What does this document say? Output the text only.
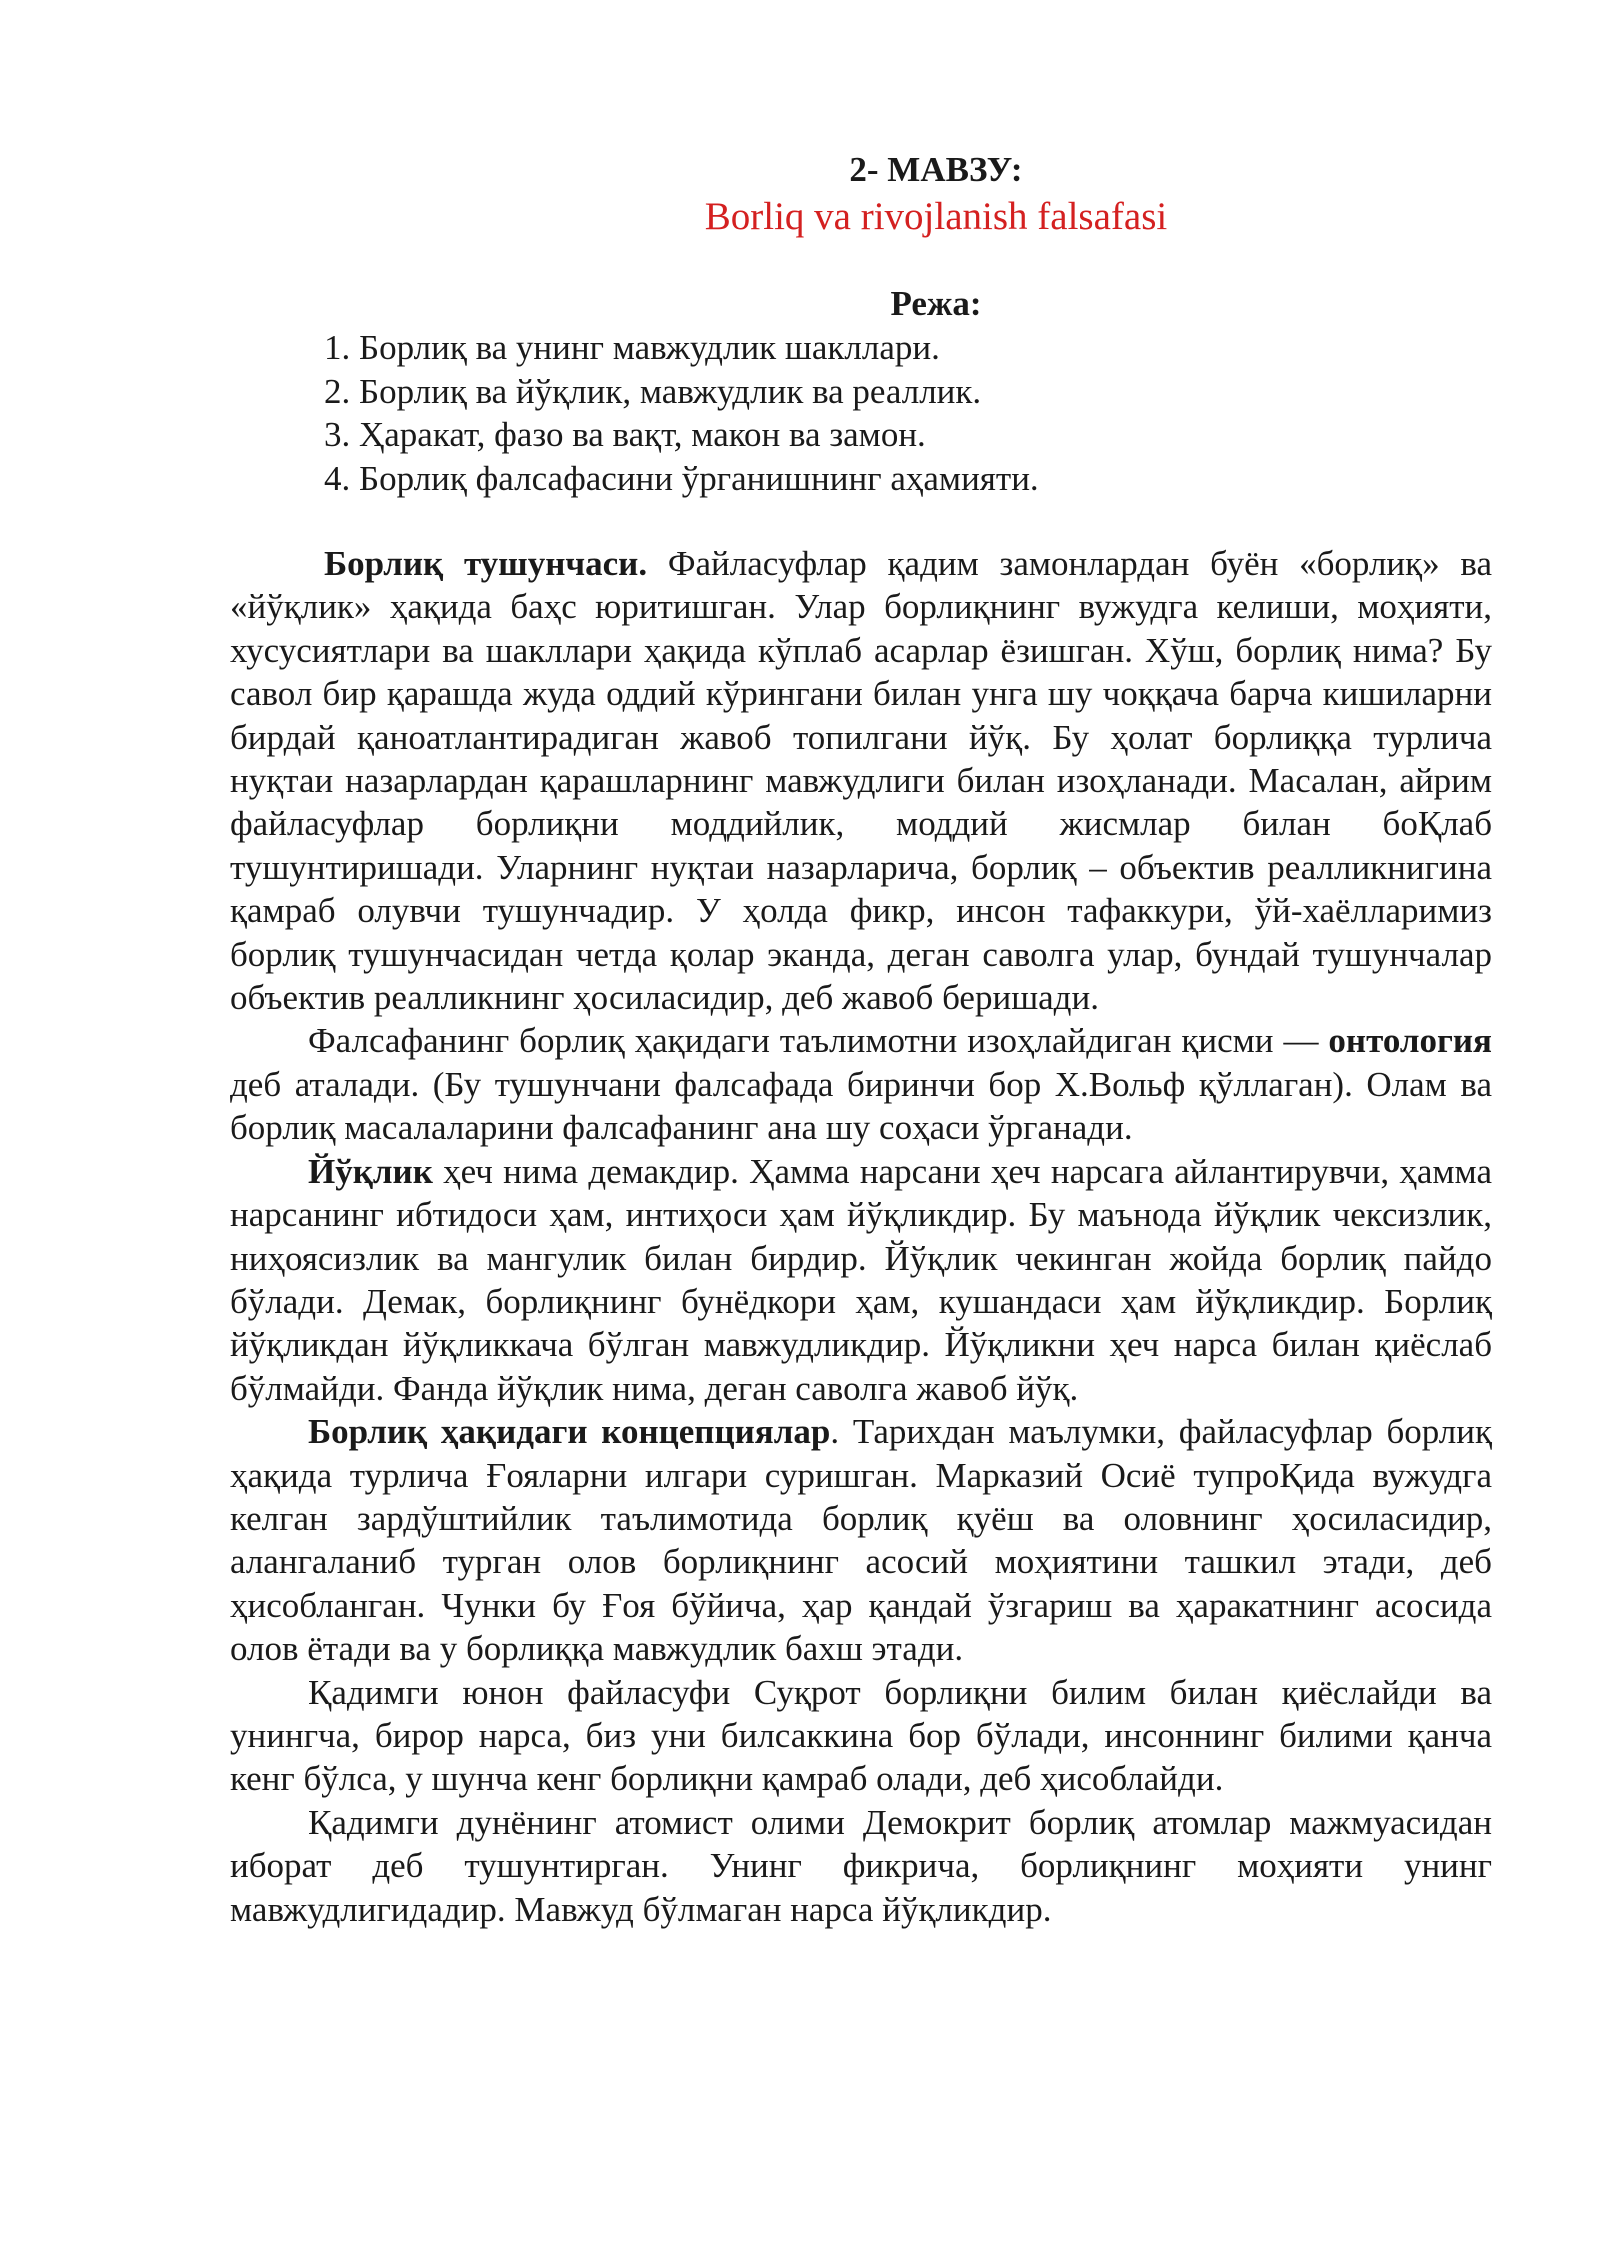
2- МАВЗУ:

Borliq va rivojlanish falsafasi

Режа:

1. Борлиқ ва унинг мавжудлик шакллари.
2. Борлиқ ва йўқлик, мавжудлик ва реаллик.
3. Ҳаракат, фазо ва вақт, макон ва замон.
4. Борлиқ фалсафасини ўрганишнинг аҳамияти.

Борлиқ тушунчаси. Файласуфлар қадим замонлардан буён «борлиқ» ва «йўқлик» ҳақида баҳс юритишган. Улар борлиқнинг вужудга келиши, моҳияти, хусусиятлари ва шакллари ҳақида кўплаб асарлар ёзишган. Хўш, борлиқ нима? Бу савол бир қарашда жуда оддий кўрингани билан унга шу чоққача барча кишиларни бирдай қаноатлантирадиган жавоб топилгани йўқ. Бу ҳолат борлиққа турлича нуқтаи назарлардан қарашларнинг мавжудлиги билан изоҳланади. Масалан, айрим файласуфлар борлиқни моддийлик, моддий жисмлар билан боҚлаб тушунтиришади. Уларнинг нуқтаи назарларича, борлиқ – объектив реалликнигина қамраб олувчи тушунчадир. У ҳолда фикр, инсон тафаккури, ўй-хаёлларимиз борлиқ тушунчасидан четда қолар эканда, деган саволга улар, бундай тушунчалар объектив реалликнинг ҳосиласидир, деб жавоб беришади.

Фалсафанинг борлиқ ҳақидаги таълимотни изоҳлайдиган қисми — онтология деб аталади. (Бу тушунчани фалсафада биринчи бор Х.Вольф қўллаган). Олам ва борлиқ масалаларини фалсафанинг ана шу соҳаси ўрганади.

Йўқлик ҳеч нима демакдир. Ҳамма нарсани ҳеч нарсага айлантирувчи, ҳамма нарсанинг ибтидоси ҳам, интиҳоси ҳам йўқликдир. Бу маънода йўқлик чексизлик, ниҳоясизлик ва мангулик билан бирдир. Йўқлик чекинган жойда борлиқ пайдо бўлади. Демак, борлиқнинг бунёдкори ҳам, кушандаси ҳам йўқликдир. Борлиқ йўқликдан йўқликкача бўлган мавжудликдир. Йўқликни ҳеч нарса билан қиёслаб бўлмайди. Фанда йўқлик нима, деган саволга жавоб йўқ.

Борлиқ ҳақидаги концепциялар. Тарихдан маълумки, файласуфлар борлиқ ҳақида турлича Ғояларни илгари суришган. Марказий Осиё тупроҚида вужудга келган зардўштийлик таълимотида борлиқ қуёш ва оловнинг ҳосиласидир, алангаланиб турган олов борлиқнинг асосий моҳиятини ташкил этади, деб ҳисобланган. Чунки бу Ғоя бўйича, ҳар қандай ўзгариш ва ҳаракатнинг асосида олов ётади ва у борлиққа мавжудлик бахш этади.

Қадимги юнон файласуфи Суқрот борлиқни билим билан қиёслайди ва унингча, бирор нарса, биз уни билсаккина бор бўлади, инсоннинг билими қанча кенг бўлса, у шунча кенг борлиқни қамраб олади, деб ҳисоблайди.

Қадимги дунёнинг атомист олими Демокрит борлиқ атомлар мажмуасидан иборат деб тушунтирган. Унинг фикрича, борлиқнинг моҳияти унинг мавжудлигидадир. Мавжуд бўлмаган нарса йўқликдир.
